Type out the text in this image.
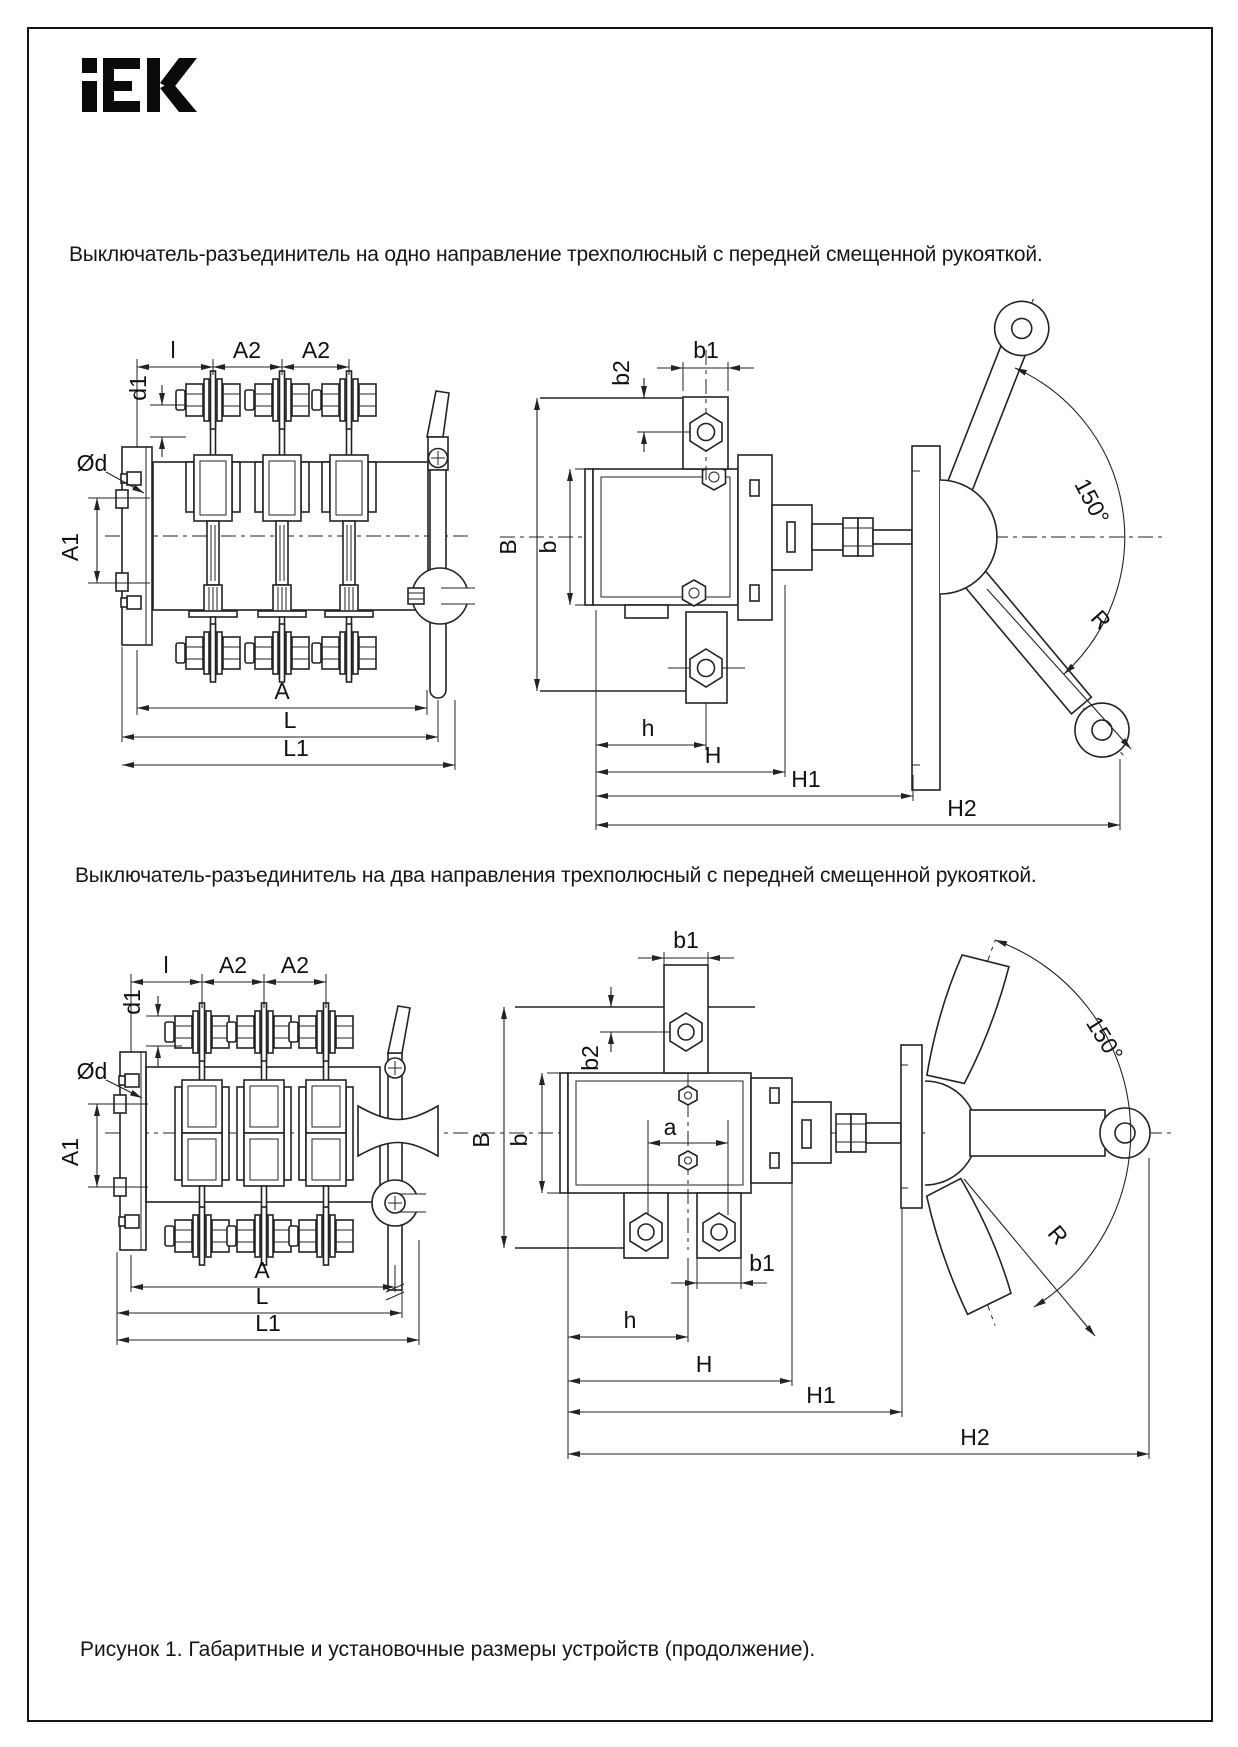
Выключатель-разъединитель на одно направление трехполюсный с передней смещенной рукояткой.
Выключатель-разъединитель на два направления трехполюсный с передней смещенной рукояткой.
l A2 A2
d1
Ød
A1
A
L
L1
150°
R
b1
b2
B b
h
H
H1
H2
l A2 A2
d1
Ød
A1
A
L
L1
150°
R
b1
b2
B b	a
b1
h
H
H1
H2
Рисунок 1. Габаритные и установочные размеры устройств (продолжение).
